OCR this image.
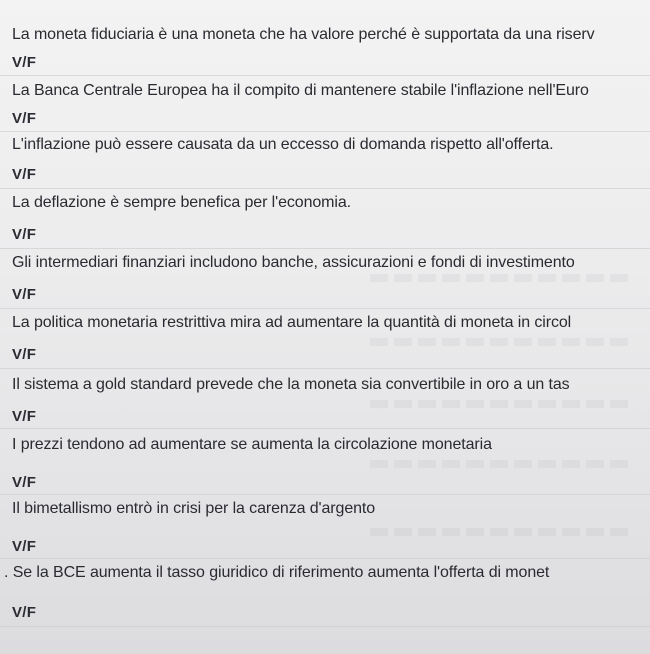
La moneta fiduciaria è una moneta che ha valore perché è supportata da una riserv
V/F
La Banca Centrale Europea ha il compito di mantenere stabile l'inflazione nell'Euro
V/F
L'inflazione può essere causata da un eccesso di domanda rispetto all'offerta.
V/F
La deflazione è sempre benefica per l'economia.
V/F
Gli intermediari finanziari includono banche, assicurazioni e fondi di investimento
V/F
La politica monetaria restrittiva mira ad aumentare la quantità di moneta in circol
V/F
Il sistema a gold standard prevede che la moneta sia convertibile in oro a un tas
V/F
I prezzi tendono ad aumentare se aumenta la circolazione monetaria
V/F
Il bimetallismo entrò in crisi per la carenza d'argento
V/F
. Se la BCE aumenta il tasso giuridico di riferimento aumenta l'offerta di monet
V/F
